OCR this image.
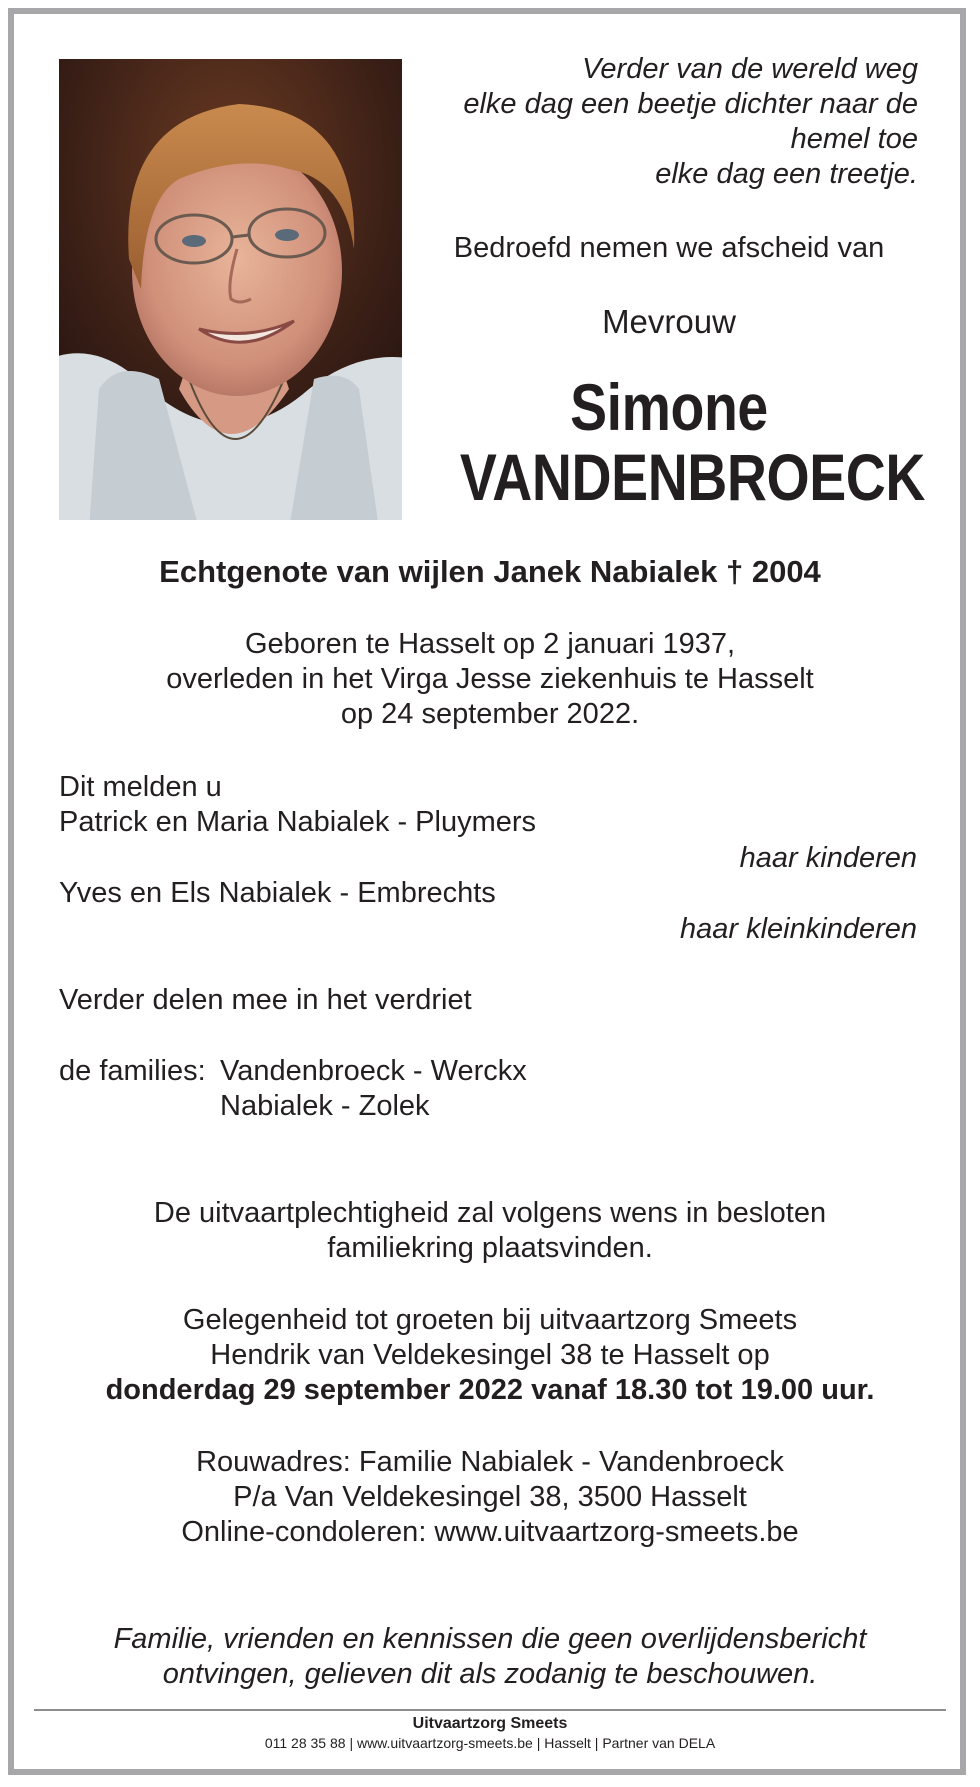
Verder van de wereld weg
elke dag een beetje dichter naar de
hemel toe
elke dag een treetje.
Bedroefd nemen we afscheid van
Mevrouw
Simone
VANDENBROECK
Echtgenote van wijlen Janek Nabialek † 2004
Geboren te Hasselt op 2 januari 1937,
overleden in het Virga Jesse ziekenhuis te Hasselt
op 24 september 2022.
Dit melden u
Patrick en Maria Nabialek - Pluymers
haar kinderen
Yves en Els Nabialek - Embrechts
haar kleinkinderen
Verder delen mee in het verdriet
de families: Vandenbroeck - Werckx
Nabialek - Zolek
De uitvaartplechtigheid zal volgens wens in besloten
familiekring plaatsvinden.
Gelegenheid tot groeten bij uitvaartzorg Smeets
Hendrik van Veldekesingel 38 te Hasselt op
donderdag 29 september 2022 vanaf 18.30 tot 19.00 uur.
Rouwadres: Familie Nabialek - Vandenbroeck
P/a Van Veldekesingel 38, 3500 Hasselt
Online-condoleren: www.uitvaartzorg-smeets.be
Familie, vrienden en kennissen die geen overlijdensbericht
ontvingen, gelieven dit als zodanig te beschouwen.
Uitvaartzorg Smeets
011 28 35 88 | www.uitvaartzorg-smeets.be | Hasselt | Partner van DELA
